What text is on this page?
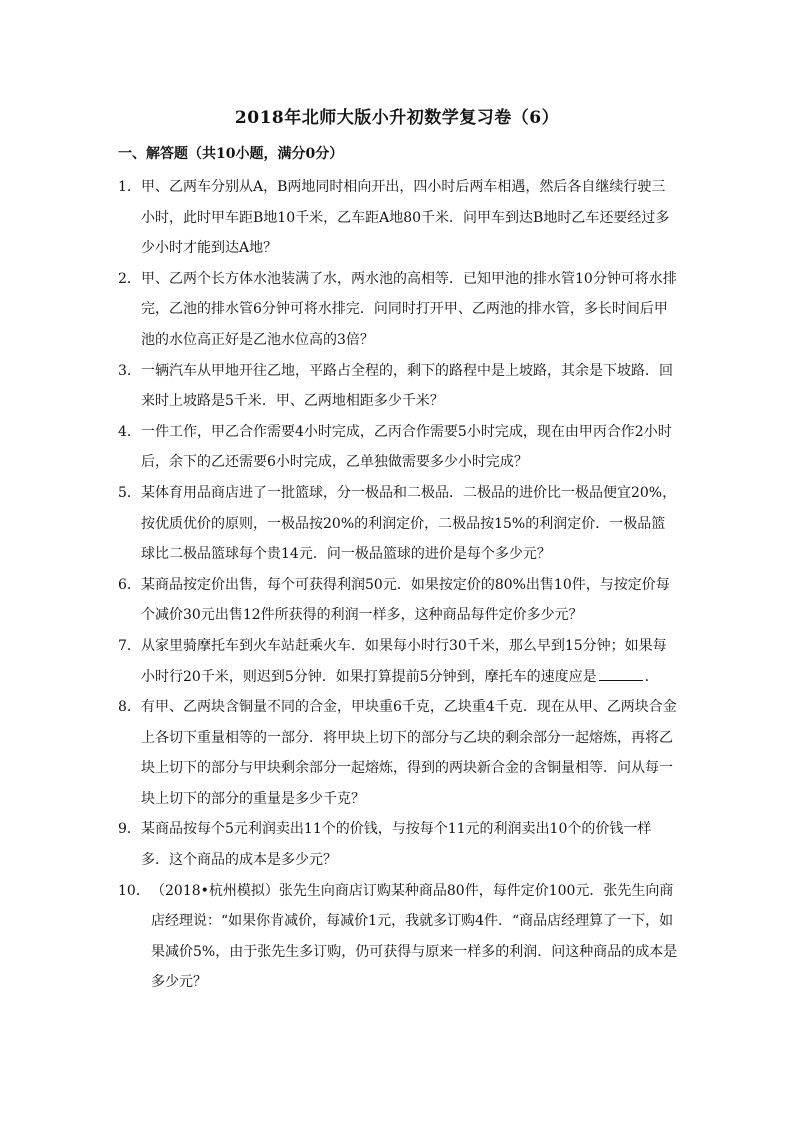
2018年北师大版小升初数学复习卷（6）
一、解答题（共10小题，满分0分）
1． 甲、乙两车分别从A，B两地同时相向开出，四小时后两车相遇，然后各自继续行驶三小时，此时甲车距B地10千米，乙车距A地80千米．问甲车到达B地时乙车还要经过多少小时才能到达A地？
2． 甲、乙两个长方体水池装满了水，两水池的高相等．已知甲池的排水管10分钟可将水排完，乙池的排水管6分钟可将水排完．问同时打开甲、乙两池的排水管，多长时间后甲池的水位高正好是乙池水位高的3倍？
3． 一辆汽车从甲地开往乙地，平路占全程的，剩下的路程中是上坡路，其余是下坡路．回来时上坡路是5千米．甲、乙两地相距多少千米？
4． 一件工作，甲乙合作需要4小时完成，乙丙合作需要5小时完成，现在由甲丙合作2小时后，余下的乙还需要6小时完成，乙单独做需要多少小时完成？
5． 某体育用品商店进了一批篮球，分一极品和二极品．二极品的进价比一极品便宜20%，按优质优价的原则，一极品按20%的利润定价，二极品按15%的利润定价．一极品篮球比二极品篮球每个贵14元．问一极品篮球的进价是每个多少元？
6． 某商品按定价出售，每个可获得利润50元．如果按定价的80%出售10件，与按定价每个减价30元出售12件所获得的利润一样多，这种商品每件定价多少元？
7． 从家里骑摩托车到火车站赶乘火车．如果每小时行30千米，那么早到15分钟；如果每小时行20千米，则迟到5分钟．如果打算提前5分钟到，摩托车的速度应是	．
8． 有甲、乙两块含铜量不同的合金，甲块重6千克，乙块重4千克．现在从甲、乙两块合金上各切下重量相等的一部分．将甲块上切下的部分与乙块的剩余部分一起熔炼，再将乙块上切下的部分与甲块剩余部分一起熔炼，得到的两块新合金的含铜量相等．问从每一块上切下的部分的重量是多少千克？
9． 某商品按每个5元利润卖出11个的价钱，与按每个11元的利润卖出10个的价钱一样多．这个商品的成本是多少元？
10． （2018•杭州模拟）张先生向商店订购某种商品80件，每件定价100元．张先生向商店经理说：“如果你肯减价，每减价1元，我就多订购4件．“商品店经理算了一下，如果减价5%，由于张先生多订购，仍可获得与原来一样多的利润．问这种商品的成本是多少元？
